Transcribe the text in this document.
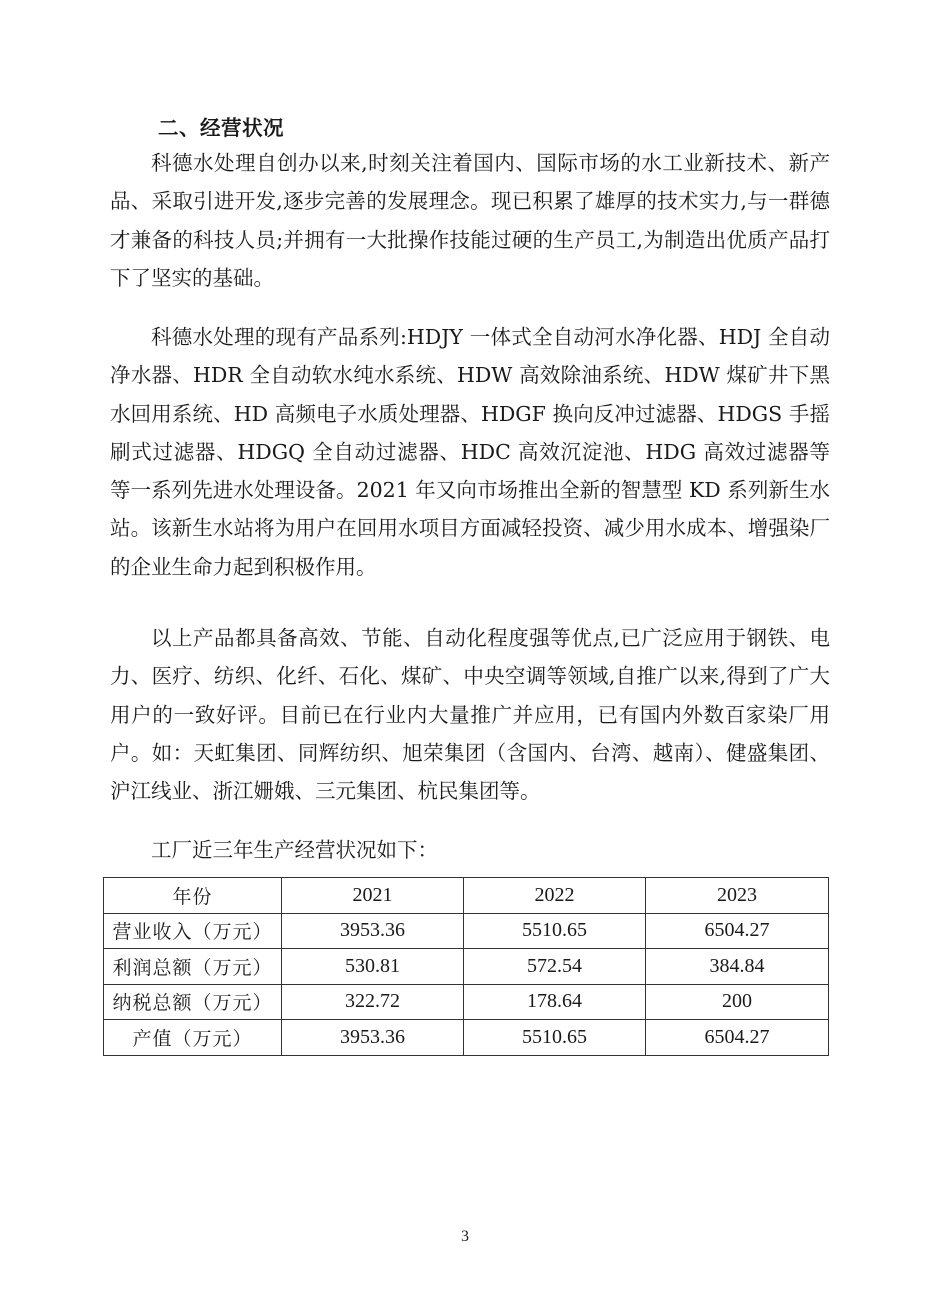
二、经营状况

科德水处理自创办以来,时刻关注着国内、国际市场的水工业新技术、新产品、采取引进开发,逐步完善的发展理念。现已积累了雄厚的技术实力,与一群德才兼备的科技人员;并拥有一大批操作技能过硬的生产员工,为制造出优质产品打下了坚实的基础。

科德水处理的现有产品系列:HDJY 一体式全自动河水净化器、HDJ 全自动净水器、HDR 全自动软水纯水系统、HDW 高效除油系统、HDW 煤矿井下黑水回用系统、HD 高频电子水质处理器、HDGF 换向反冲过滤器、HDGS 手摇刷式过滤器、HDGQ 全自动过滤器、HDC 高效沉淀池、HDG 高效过滤器等等一系列先进水处理设备。2021 年又向市场推出全新的智慧型 KD 系列新生水站。该新生水站将为用户在回用水项目方面减轻投资、减少用水成本、增强染厂的企业生命力起到积极作用。

以上产品都具备高效、节能、自动化程度强等优点,已广泛应用于钢铁、电力、医疗、纺织、化纤、石化、煤矿、中央空调等领域,自推广以来,得到了广大用户的一致好评。目前已在行业内大量推广并应用，已有国内外数百家染厂用户。如：天虹集团、同辉纺织、旭荣集团（含国内、台湾、越南）、健盛集团、沪江线业、浙江姗娥、三元集团、杭民集团等。

工厂近三年生产经营状况如下：

年份	2021	2022	2023
营业收入（万元）	3953.36	5510.65	6504.27
利润总额（万元）	530.81	572.54	384.84
纳税总额（万元）	322.72	178.64	200
产值（万元）	3953.36	5510.65	6504.27
3
